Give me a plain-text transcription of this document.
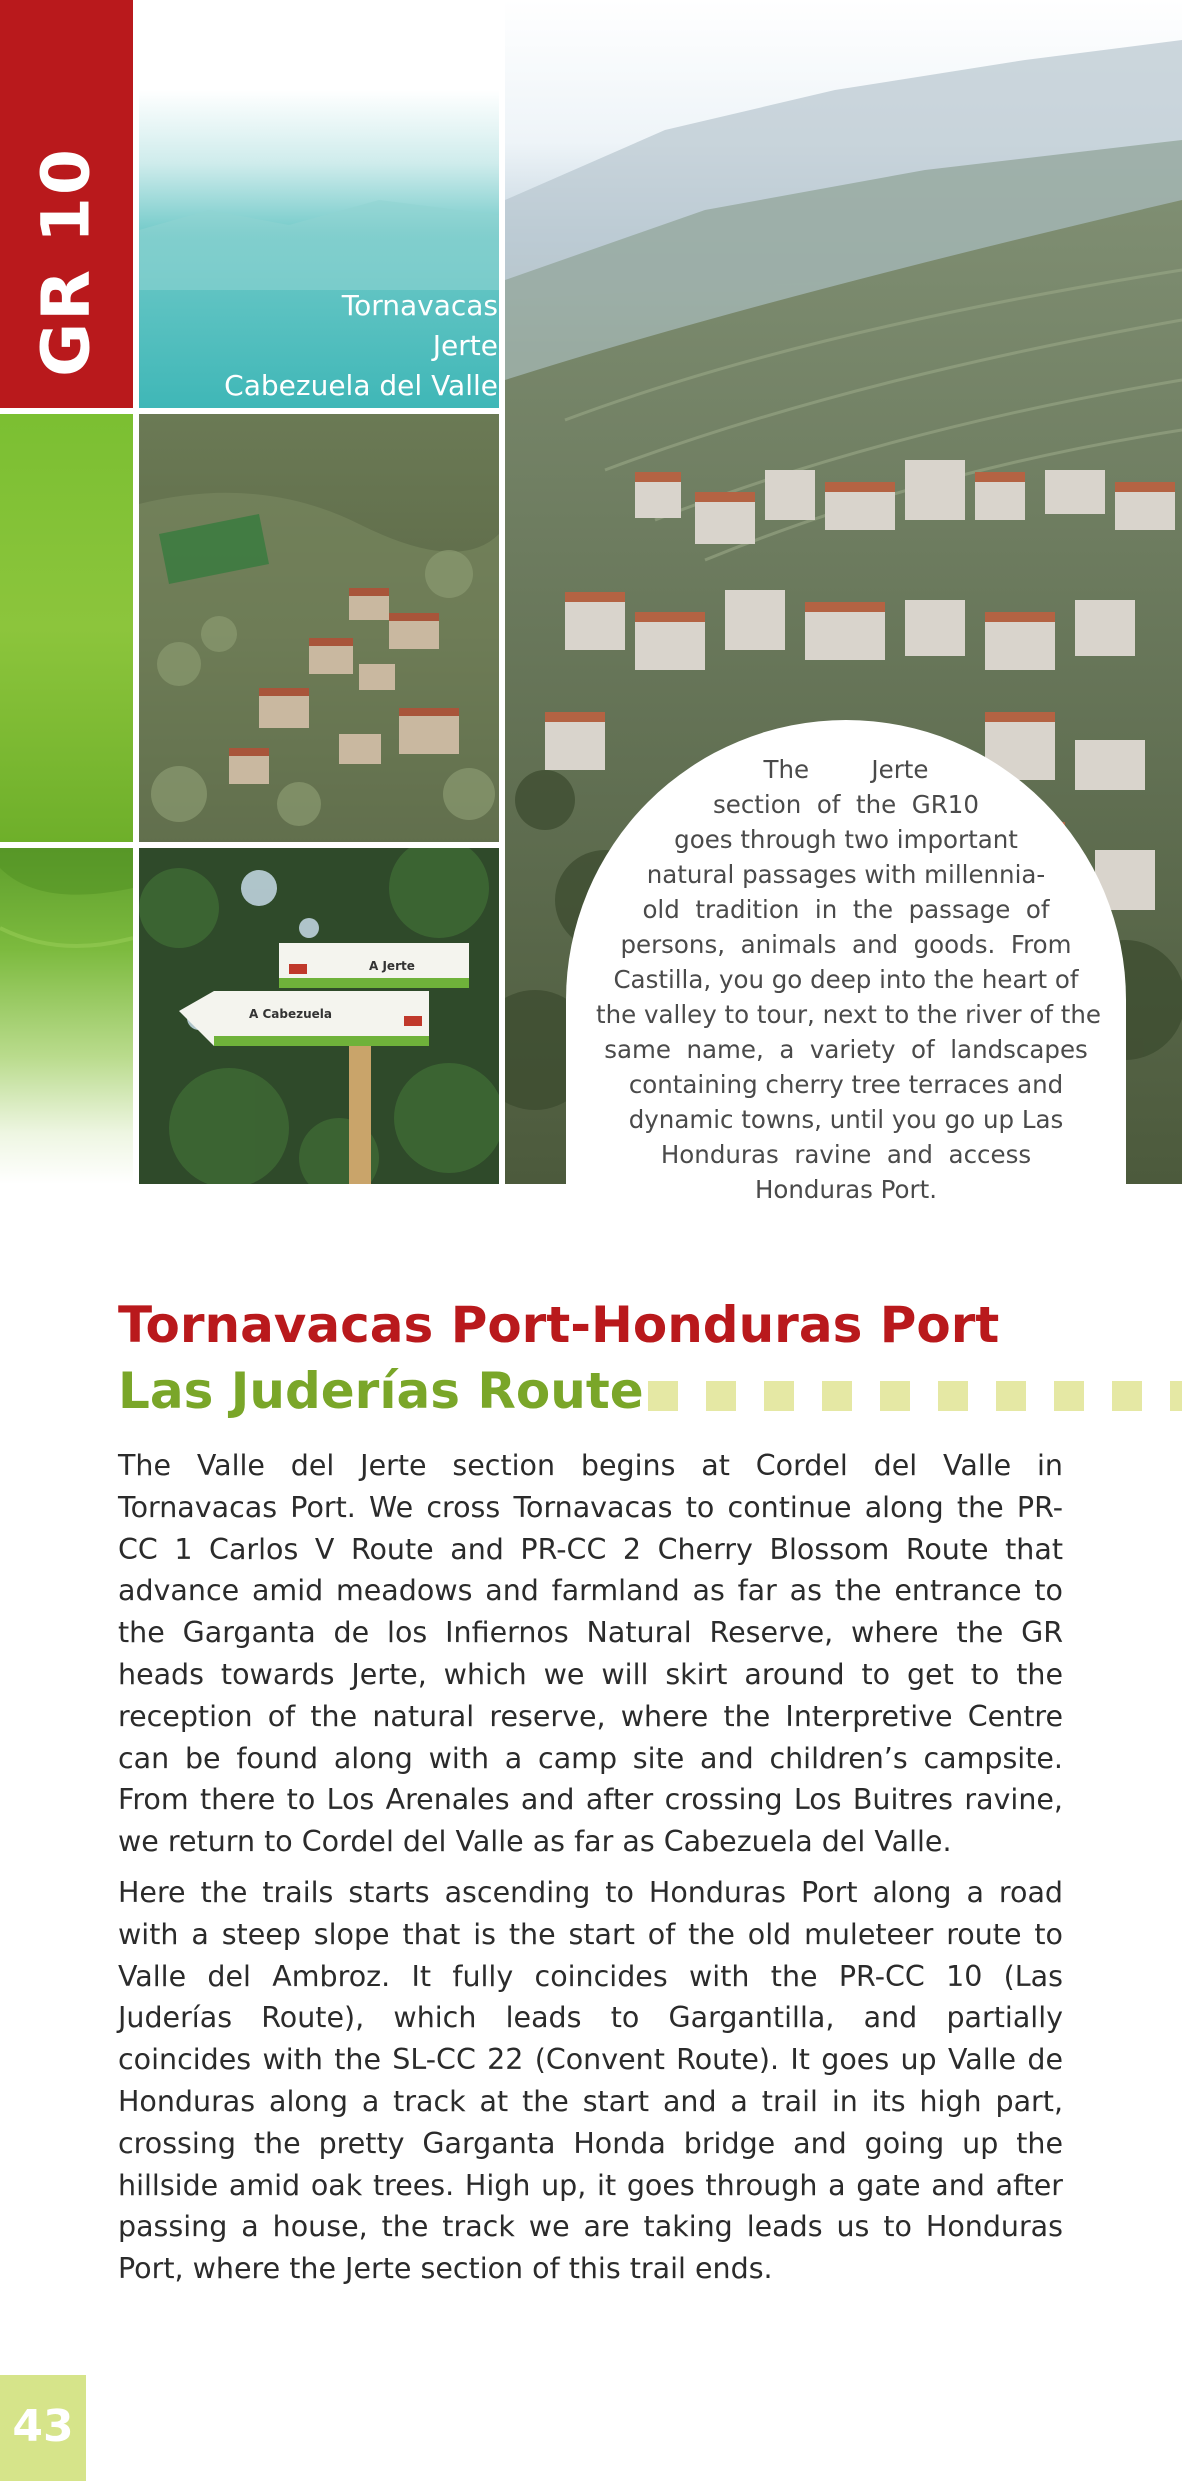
GR 10	Tornavacas
Jerte
Cabezuela del Valle
A Jerte
A Cabezuela
The        Jerte
section  of  the  GR10
goes through two important
natural passages with millennia-
old  tradition  in  the  passage  of
persons,  animals  and  goods.  From
Castilla, you go deep into the heart of
the valley to tour, next to the river of the
same  name,  a  variety  of  landscapes
containing cherry tree terraces and
dynamic towns, until you go up Las
Honduras  ravine  and  access
Honduras Port.
Tornavacas Port-Honduras Port
Las Juderías Route

The Valle del Jerte section begins at Cordel del Valle in Tornavacas Port. We cross Tornavacas to continue along the PR-CC 1 Carlos V Route and PR-CC 2 Cherry Blossom Route that advance amid meadows and farmland as far as the entrance to the Garganta de los Infiernos Natural Reserve, where the GR heads towards Jerte, which we will skirt around to get to the reception of the natural reserve, where the Interpretive Centre can be found along with a camp site and children’s campsite. From there to Los Arenales and after crossing Los Buitres ravine, we return to Cordel del Valle as far as Cabezuela del Valle.

Here the trails starts ascending to Honduras Port along a road with a steep slope that is the start of the old muleteer route to Valle del Ambroz. It fully coincides with the PR-CC 10 (Las Juderías Route), which leads to Gargantilla, and partially coincides with the SL-CC 22 (Convent Route). It goes up Valle de Honduras along a track at the start and a trail in its high part, crossing the pretty Garganta Honda bridge and going up the hillside amid oak trees. High up, it goes through a gate and after passing a house, the track we are taking leads us to Honduras Port, where the Jerte section of this trail ends.

43
